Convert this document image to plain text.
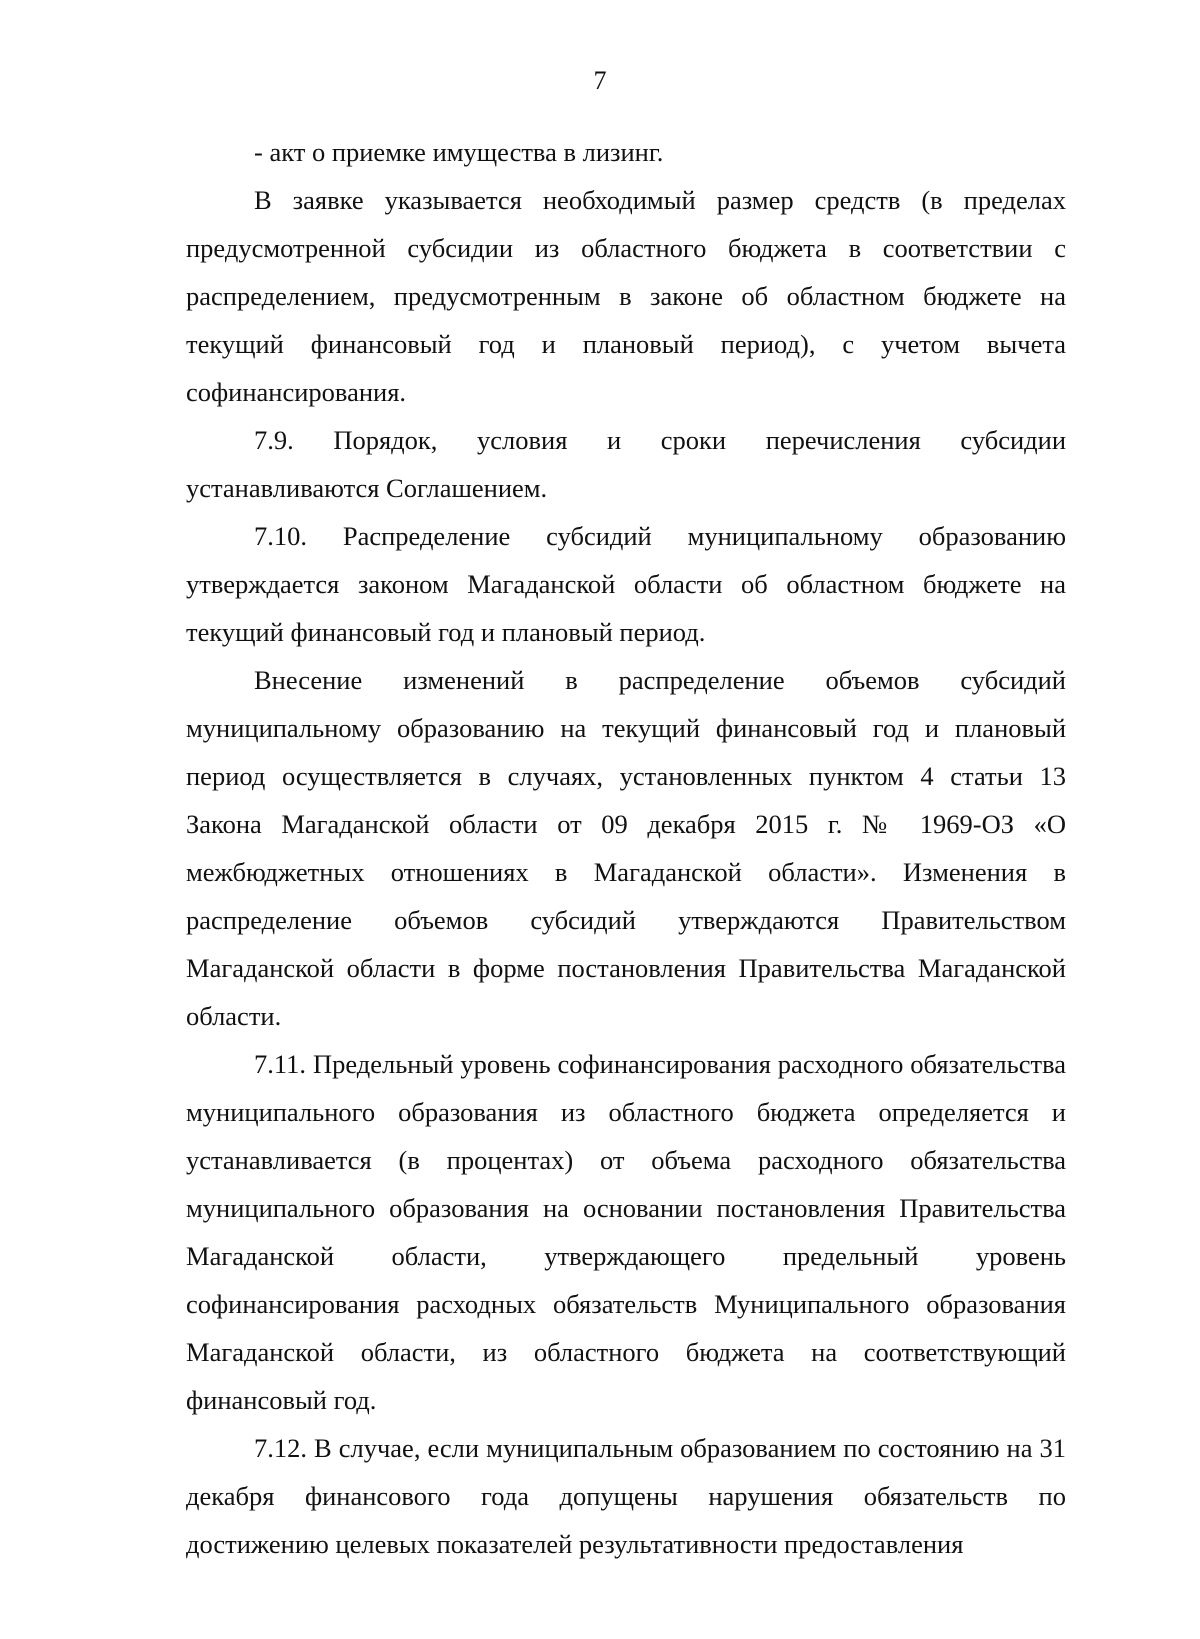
7

- акт о приемке имущества в лизинг.

В заявке указывается необходимый размер средств (в пределах предусмотренной субсидии из областного бюджета в соответствии с распределением, предусмотренным в законе об областном бюджете на текущий финансовый год и плановый период), с учетом вычета софинансирования.

7.9. Порядок, условия и сроки перечисления субсидии устанавливаются Соглашением.

7.10. Распределение субсидий муниципальному образованию утверждается законом Магаданской области об областном бюджете на текущий финансовый год и плановый период.

Внесение изменений в распределение объемов субсидий муниципальному образованию на текущий финансовый год и плановый период осуществляется в случаях, установленных пунктом 4 статьи 13 Закона Магаданской области от 09 декабря 2015 г. № 1969-ОЗ «О межбюджетных отношениях в Магаданской области». Изменения в распределение объемов субсидий утверждаются Правительством Магаданской области в форме постановления Правительства Магаданской области.

7.11. Предельный уровень софинансирования расходного обязательства муниципального образования из областного бюджета определяется и устанавливается (в процентах) от объема расходного обязательства муниципального образования на основании постановления Правительства Магаданской области, утверждающего предельный уровень софинансирования расходных обязательств Муниципального образования Магаданской области, из областного бюджета на соответствующий финансовый год.

7.12. В случае, если муниципальным образованием по состоянию на 31 декабря финансового года допущены нарушения обязательств по достижению целевых показателей результативности предоставления
